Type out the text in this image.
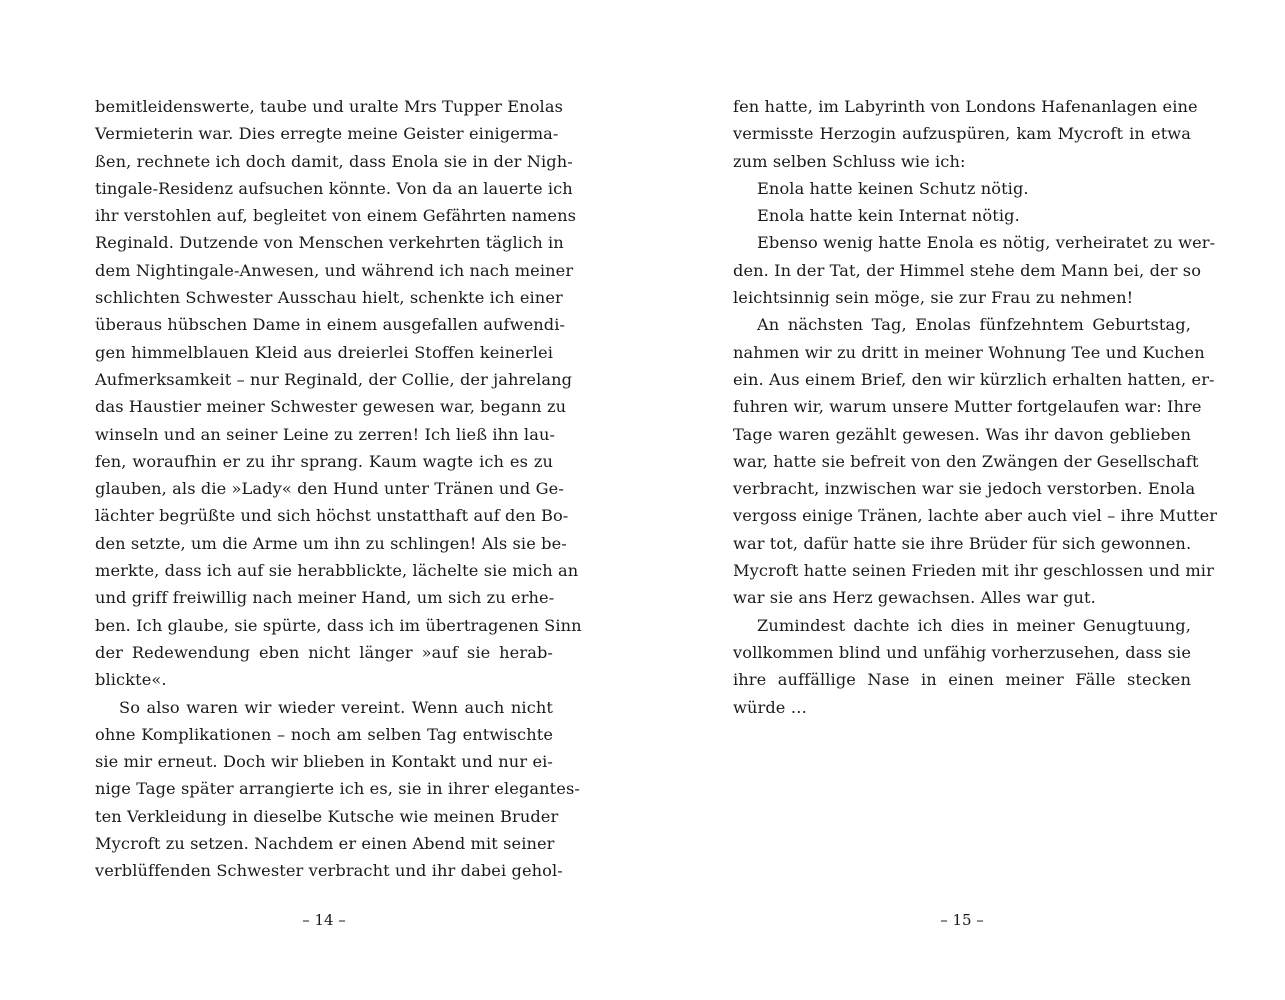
bemitleidenswerte, taube und uralte Mrs Tupper Enolas
Vermieterin war. Dies erregte meine Geister einigerma-
ßen, rechnete ich doch damit, dass Enola sie in der Nigh-
tingale-Residenz aufsuchen könnte. Von da an lauerte ich
ihr verstohlen auf, begleitet von einem Gefährten namens
Reginald. Dutzende von Menschen verkehrten täglich in
dem Nightingale-Anwesen, und während ich nach meiner
schlichten Schwester Ausschau hielt, schenkte ich einer
überaus hübschen Dame in einem ausgefallen aufwendi-
gen himmelblauen Kleid aus dreierlei Stoffen keinerlei
Aufmerksamkeit – nur Reginald, der Collie, der jahrelang
das Haustier meiner Schwester gewesen war, begann zu
winseln und an seiner Leine zu zerren! Ich ließ ihn lau-
fen, woraufhin er zu ihr sprang. Kaum wagte ich es zu
glauben, als die »Lady« den Hund unter Tränen und Ge-
lächter begrüßte und sich höchst unstatthaft auf den Bo-
den setzte, um die Arme um ihn zu schlingen! Als sie be-
merkte, dass ich auf sie herabblickte, lächelte sie mich an
und griff freiwillig nach meiner Hand, um sich zu erhe-
ben. Ich glaube, sie spürte, dass ich im übertragenen Sinn
der Redewendung eben nicht länger »auf sie herab-
blickte«.
So also waren wir wieder vereint. Wenn auch nicht
ohne Komplikationen – noch am selben Tag entwischte
sie mir erneut. Doch wir blieben in Kontakt und nur ei-
nige Tage später arrangierte ich es, sie in ihrer elegantes-
ten Verkleidung in dieselbe Kutsche wie meinen Bruder
Mycroft zu setzen. Nachdem er einen Abend mit seiner
verblüffenden Schwester verbracht und ihr dabei gehol-
fen hatte, im Labyrinth von Londons Hafenanlagen eine
vermisste Herzogin aufzuspüren, kam Mycroft in etwa
zum selben Schluss wie ich:
Enola hatte keinen Schutz nötig.
Enola hatte kein Internat nötig.
Ebenso wenig hatte Enola es nötig, verheiratet zu wer-
den. In der Tat, der Himmel stehe dem Mann bei, der so
leichtsinnig sein möge, sie zur Frau zu nehmen!
An nächsten Tag, Enolas fünfzehntem Geburtstag,
nahmen wir zu dritt in meiner Wohnung Tee und Kuchen
ein. Aus einem Brief, den wir kürzlich erhalten hatten, er-
fuhren wir, warum unsere Mutter fortgelaufen war: Ihre
Tage waren gezählt gewesen. Was ihr davon geblieben
war, hatte sie befreit von den Zwängen der Gesellschaft
verbracht, inzwischen war sie jedoch verstorben. Enola
vergoss einige Tränen, lachte aber auch viel – ihre Mutter
war tot, dafür hatte sie ihre Brüder für sich gewonnen.
Mycroft hatte seinen Frieden mit ihr geschlossen und mir
war sie ans Herz gewachsen. Alles war gut.
Zumindest dachte ich dies in meiner Genugtuung,
vollkommen blind und unfähig vorherzusehen, dass sie
ihre auffällige Nase in einen meiner Fälle stecken
würde …
– 14 –	– 15 –
